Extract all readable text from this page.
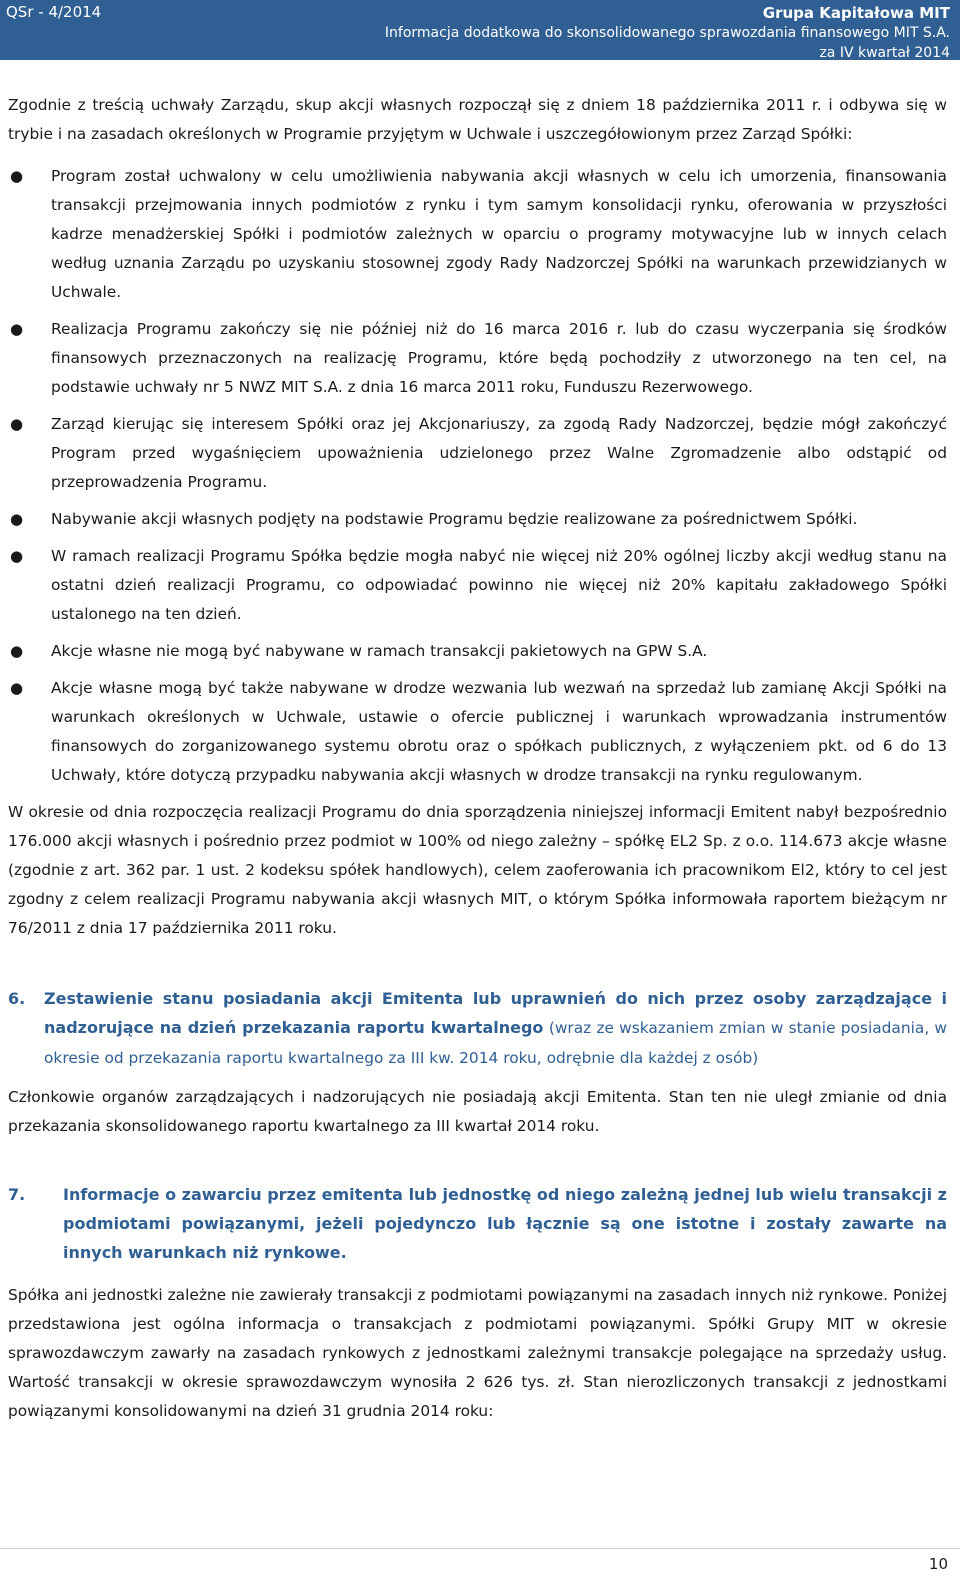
QSr - 4/2014	Grupa Kapitałowa MIT
Informacja dodatkowa do skonsolidowanego sprawozdania finansowego MIT S.A.
za IV kwartał 2014

Zgodnie z treścią uchwały Zarządu, skup akcji własnych rozpoczął się z dniem 18 października 2011 r. i odbywa się w trybie i na zasadach określonych w Programie przyjętym w Uchwale i uszczegółowionym przez Zarząd Spółki:

● Program został uchwalony w celu umożliwienia nabywania akcji własnych w celu ich umorzenia, finansowania transakcji przejmowania innych podmiotów z rynku i tym samym konsolidacji rynku, oferowania w przyszłości kadrze menadżerskiej Spółki i podmiotów zależnych w oparciu o programy motywacyjne lub w innych celach według uznania Zarządu po uzyskaniu stosownej zgody Rady Nadzorczej Spółki na warunkach przewidzianych w Uchwale.
● Realizacja Programu zakończy się nie później niż do 16 marca 2016 r. lub do czasu wyczerpania się środków finansowych przeznaczonych na realizację Programu, które będą pochodziły z utworzonego na ten cel, na podstawie uchwały nr 5 NWZ MIT S.A. z dnia 16 marca 2011 roku, Funduszu Rezerwowego.
● Zarząd kierując się interesem Spółki oraz jej Akcjonariuszy, za zgodą Rady Nadzorczej, będzie mógł zakończyć Program przed wygaśnięciem upoważnienia udzielonego przez Walne Zgromadzenie albo odstąpić od przeprowadzenia Programu.
● Nabywanie akcji własnych podjęty na podstawie Programu będzie realizowane za pośrednictwem Spółki.
● W ramach realizacji Programu Spółka będzie mogła nabyć nie więcej niż 20% ogólnej liczby akcji według stanu na ostatni dzień realizacji Programu, co odpowiadać powinno nie więcej niż 20% kapitału zakładowego Spółki ustalonego na ten dzień.
● Akcje własne nie mogą być nabywane w ramach transakcji pakietowych na GPW S.A.
● Akcje własne mogą być także nabywane w drodze wezwania lub wezwań na sprzedaż lub zamianę Akcji Spółki na warunkach określonych w Uchwale, ustawie o ofercie publicznej i warunkach wprowadzania instrumentów finansowych do zorganizowanego systemu obrotu oraz o spółkach publicznych, z wyłączeniem pkt. od 6 do 13 Uchwały, które dotyczą przypadku nabywania akcji własnych w drodze transakcji na rynku regulowanym.

W okresie od dnia rozpoczęcia realizacji Programu do dnia sporządzenia niniejszej informacji Emitent nabył bezpośrednio 176.000 akcji własnych i pośrednio przez podmiot w 100% od niego zależny – spółkę EL2 Sp. z o.o. 114.673 akcje własne (zgodnie z art. 362 par. 1 ust. 2 kodeksu spółek handlowych), celem zaoferowania ich pracownikom El2, który to cel jest zgodny z celem realizacji Programu nabywania akcji własnych MIT, o którym Spółka informowała raportem bieżącym nr 76/2011 z dnia 17 października 2011 roku.

6.	Zestawienie stanu posiadania akcji Emitenta lub uprawnień do nich przez osoby zarządzające i nadzorujące na dzień przekazania raportu kwartalnego (wraz ze wskazaniem zmian w stanie posiadania, w okresie od przekazania raportu kwartalnego za III kw. 2014 roku, odrębnie dla każdej z osób)

Członkowie organów zarządzających i nadzorujących nie posiadają akcji Emitenta. Stan ten nie uległ zmianie od dnia przekazania skonsolidowanego raportu kwartalnego za III kwartał 2014 roku.

7.	Informacje o zawarciu przez emitenta lub jednostkę od niego zależną jednej lub wielu transakcji z podmiotami powiązanymi, jeżeli pojedynczo lub łącznie są one istotne i zostały zawarte na innych warunkach niż rynkowe.

Spółka ani jednostki zależne nie zawierały transakcji z podmiotami powiązanymi na zasadach innych niż rynkowe. Poniżej przedstawiona jest ogólna informacja o transakcjach z podmiotami powiązanymi. Spółki Grupy MIT w okresie sprawozdawczym zawarły na zasadach rynkowych z jednostkami zależnymi transakcje polegające na sprzedaży usług. Wartość transakcji w okresie sprawozdawczym wynosiła 2 626 tys. zł. Stan nierozliczonych transakcji z jednostkami powiązanymi konsolidowanymi na dzień 31 grudnia 2014 roku:

10
